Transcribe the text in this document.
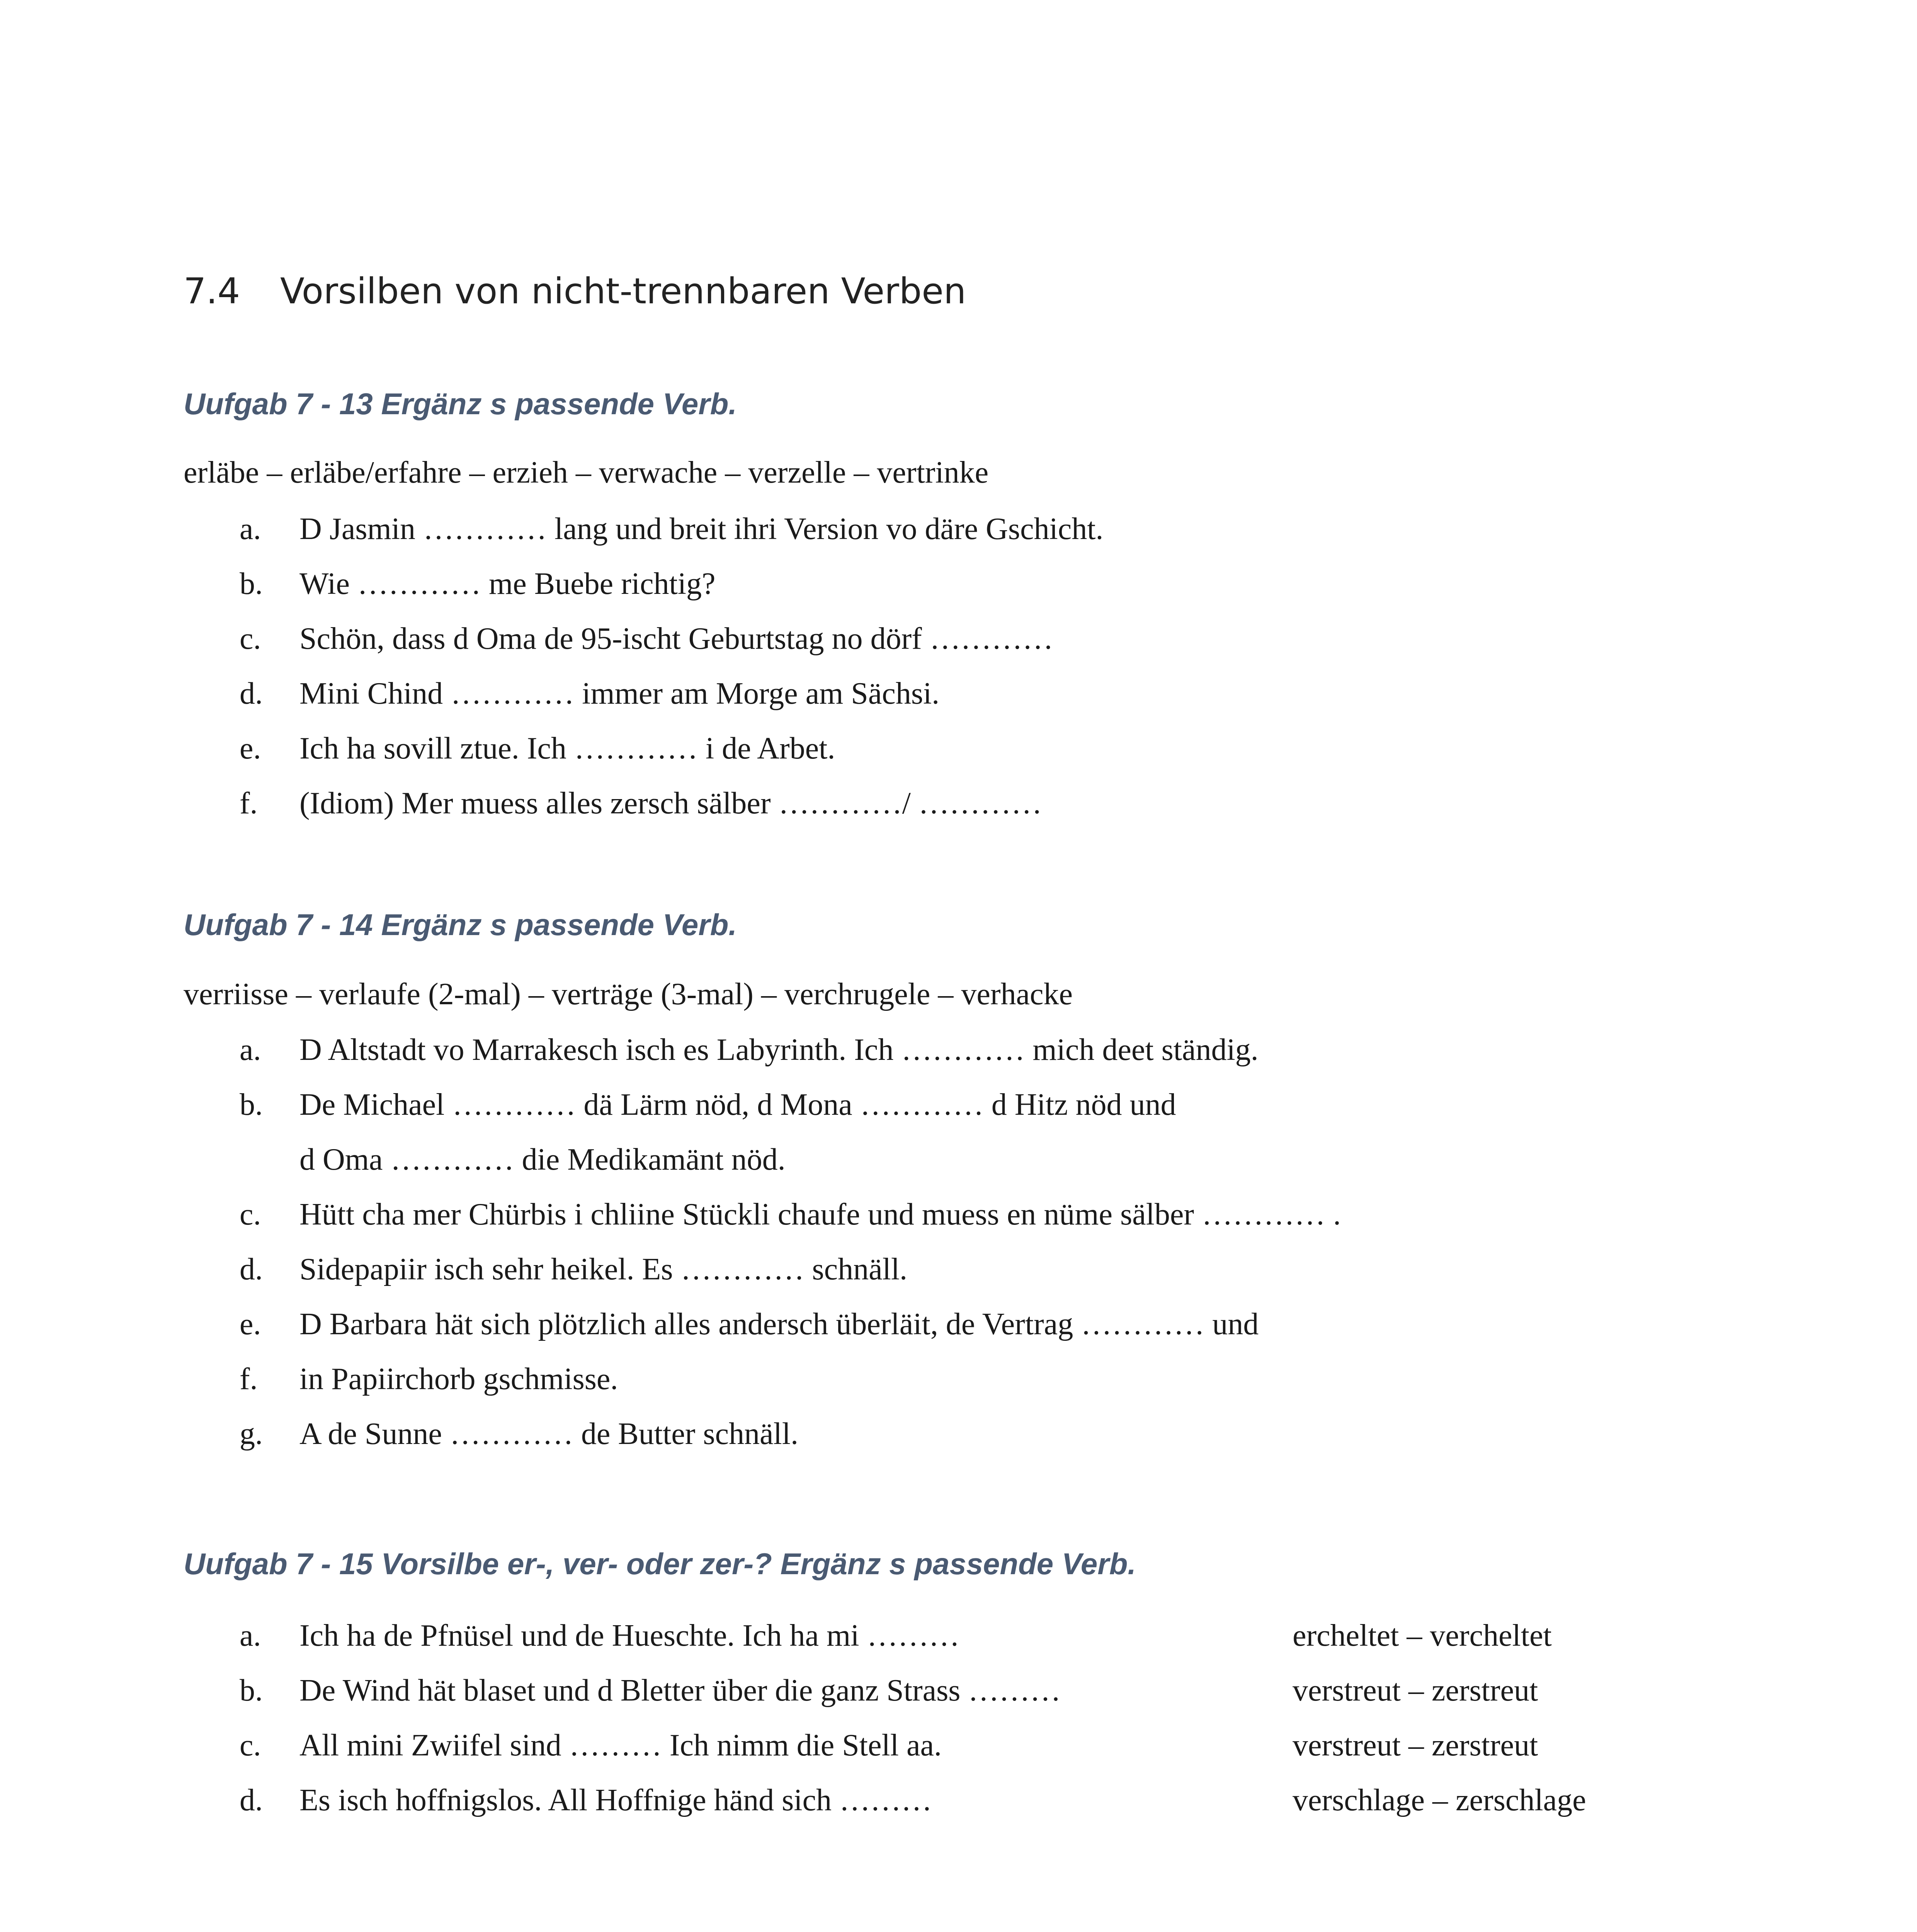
7.4 Vorsilben von nicht-trennbaren Verben
Uufgab 7 - 13 Ergänz s passende Verb.
erläbe – erläbe/erfahre – erzieh – verwache – verzelle – vertrinke
a.	D Jasmin ………… lang und breit ihri Version vo däre Gschicht.
b.	Wie ………… me Buebe richtig?
c.	Schön, dass d Oma de 95-ischt Geburtstag no dörf …………
d.	Mini Chind ………… immer am Morge am Sächsi.
e.	Ich ha sovill ztue. Ich ………… i de Arbet.
f.	(Idiom) Mer muess alles zersch sälber …………/ …………
Uufgab 7 - 14 Ergänz s passende Verb.
verriisse – verlaufe (2-mal) – verträge (3-mal) – verchrugele – verhacke
a.	D Altstadt vo Marrakesch isch es Labyrinth. Ich ………… mich deet ständig.
b.	De Michael ………… dä Lärm nöd, d Mona ………… d Hitz nöd und
d Oma ………… die Medikamänt nöd.
c.	Hütt cha mer Chürbis i chliine Stückli chaufe und muess en nüme sälber ………… .
d.	Sidepapiir isch sehr heikel. Es ………… schnäll.
e.	D Barbara hät sich plötzlich alles andersch überläit, de Vertrag ………… und
f.	in Papiirchorb gschmisse.
g.	A de Sunne ………… de Butter schnäll.
Uufgab 7 - 15 Vorsilbe er-, ver- oder zer-? Ergänz s passende Verb.
a.	Ich ha de Pfnüsel und de Hueschte. Ich ha mi ………	ercheltet – vercheltet
b.	De Wind hät blaset und d Bletter über die ganz Strass ………	verstreut – zerstreut
c.	All mini Zwiifel sind ……… Ich nimm die Stell aa.	verstreut – zerstreut
d.	Es isch hoffnigslos. All Hoffnige händ sich ………	verschlage – zerschlage
